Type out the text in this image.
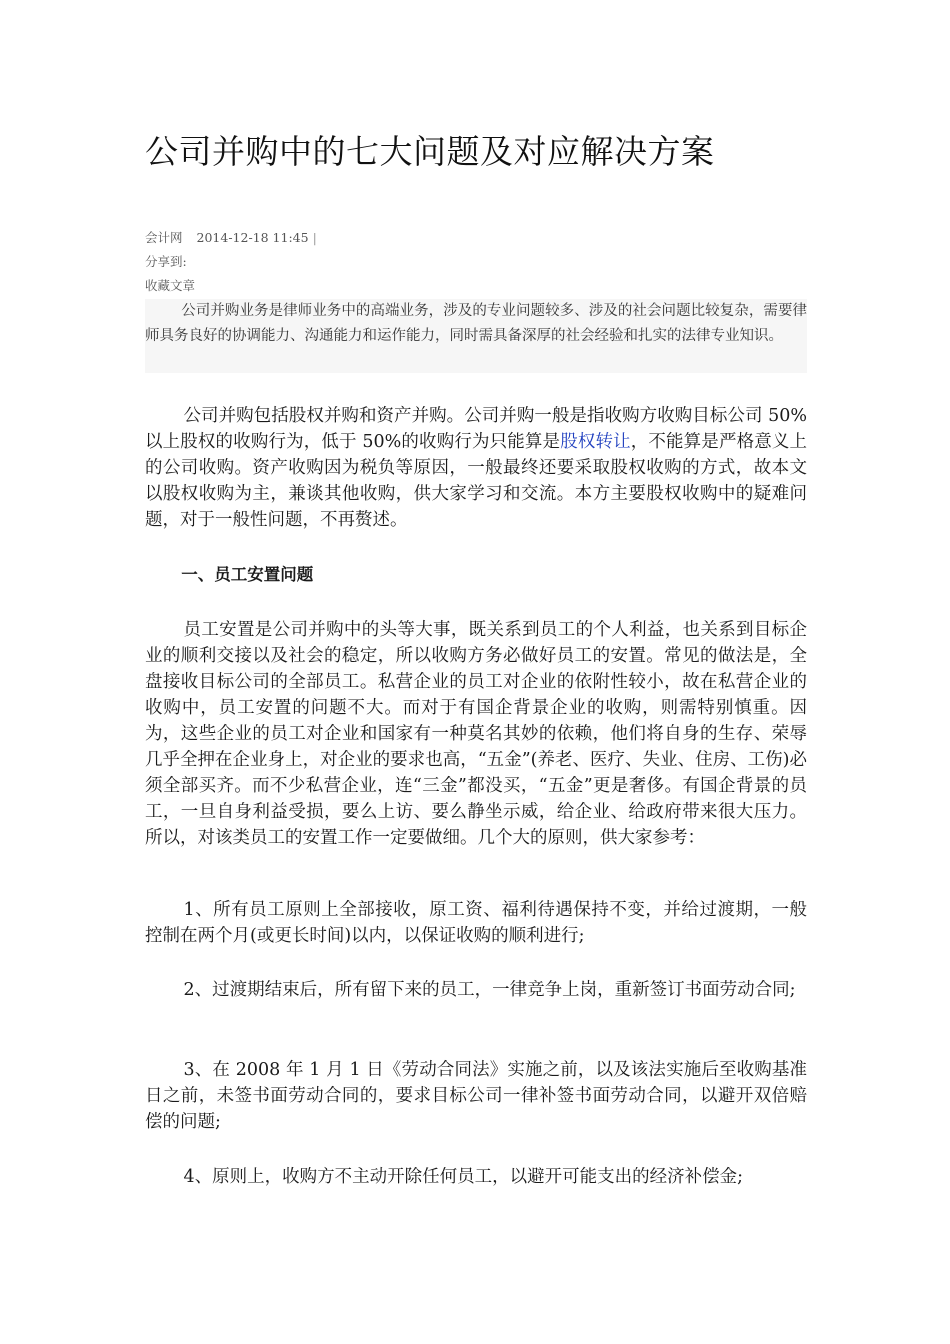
公司并购中的七大问题及对应解决方案
会计网 2014-12-18 11:45 |
分享到:
收藏文章

公司并购业务是律师业务中的高端业务，涉及的专业问题较多、涉及的社会问题比较复杂，需要律师具务良好的协调能力、沟通能力和运作能力，同时需具备深厚的社会经验和扎实的法律专业知识。

公司并购包括股权并购和资产并购。公司并购一般是指收购方收购目标公司 50%以上股权的收购行为，低于 50%的收购行为只能算是股权转让，不能算是严格意义上的公司收购。资产收购因为税负等原因，一般最终还要采取股权收购的方式，故本文以股权收购为主，兼谈其他收购，供大家学习和交流。本方主要股权收购中的疑难问题，对于一般性问题，不再赘述。

一、员工安置问题

员工安置是公司并购中的头等大事，既关系到员工的个人利益，也关系到目标企业的顺利交接以及社会的稳定，所以收购方务必做好员工的安置。常见的做法是，全盘接收目标公司的全部员工。私营企业的员工对企业的依附性较小，故在私营企业的收购中，员工安置的问题不大。而对于有国企背景企业的收购，则需特别慎重。因为，这些企业的员工对企业和国家有一种莫名其妙的依赖，他们将自身的生存、荣辱几乎全押在企业身上，对企业的要求也高，“五金”(养老、医疗、失业、住房、工伤)必须全部买齐。而不少私营企业，连“三金”都没买，“五金”更是奢侈。有国企背景的员工，一旦自身利益受损，要么上访、要么静坐示威，给企业、给政府带来很大压力。所以，对该类员工的安置工作一定要做细。几个大的原则，供大家参考：

1、所有员工原则上全部接收，原工资、福利待遇保持不变，并给过渡期，一般控制在两个月(或更长时间)以内，以保证收购的顺利进行;

2、过渡期结束后，所有留下来的员工，一律竞争上岗，重新签订书面劳动合同;

3、在 2008 年 1 月 1 日《劳动合同法》实施之前，以及该法实施后至收购基准日之前，未签书面劳动合同的，要求目标公司一律补签书面劳动合同，以避开双倍赔偿的问题;

4、原则上，收购方不主动开除任何员工，以避开可能支出的经济补偿金;
